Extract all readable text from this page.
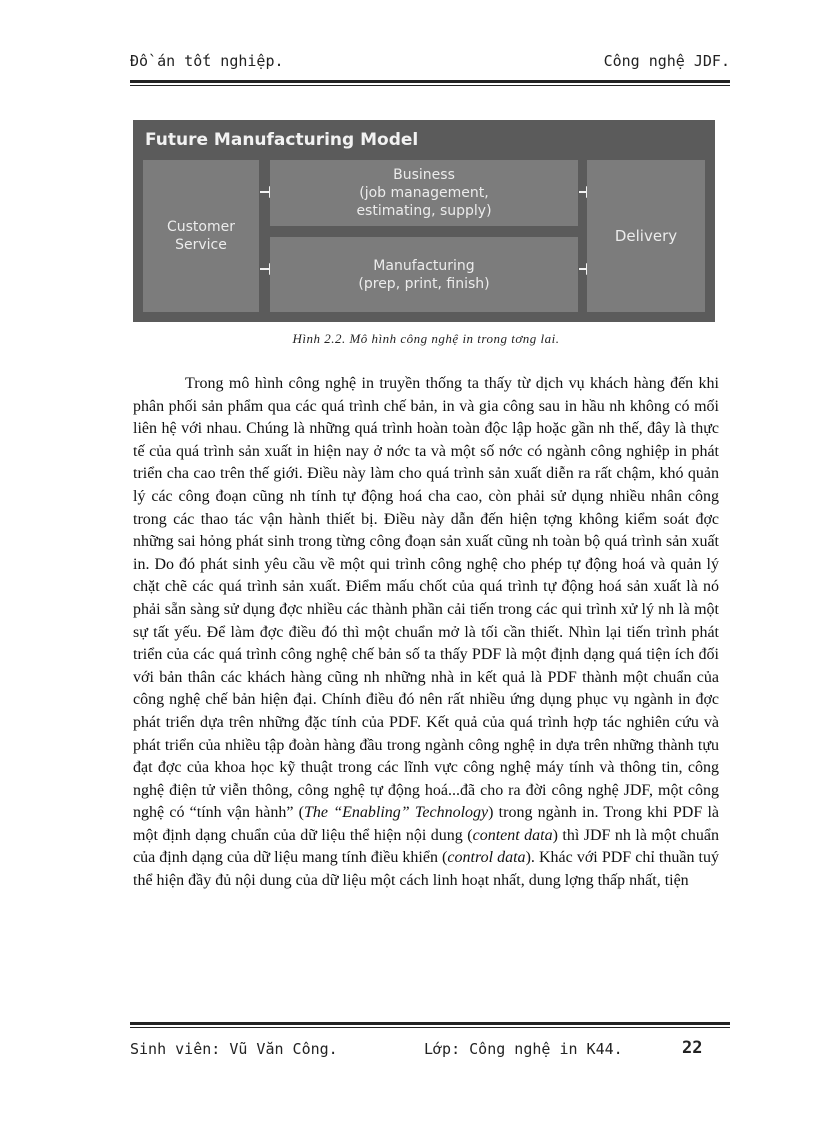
Đồ án tốt nghiệp.	Công nghệ JDF.
Future Manufacturing Model
Customer
Service
Business
(job management,
estimating, supply)
Manufacturing
(prep, print, finish)
Delivery
Hình 2.2. Mô hình công nghệ in trong tơng lai.

Trong mô hình công nghệ in truyền thống ta thấy từ dịch vụ khách hàng đến khi phân phối sản phẩm qua các quá trình chế bản, in và gia công sau in hầu nh không có mối liên hệ với nhau. Chúng là những quá trình hoàn toàn độc lập hoặc gần nh thế, đây là thực tế của quá trình sản xuất in hiện nay ở nớc ta và một số nớc có ngành công nghiệp in phát triển cha cao trên thế giới. Điều này làm cho quá trình sản xuất diễn ra rất chậm, khó quản lý các công đoạn cũng nh tính tự động hoá cha cao, còn phải sử dụng nhiều nhân công trong các thao tác vận hành thiết bị. Điều này dẫn đến hiện tợng không kiểm soát đợc những sai hỏng phát sinh trong từng công đoạn sản xuất cũng nh toàn bộ quá trình sản xuất in. Do đó phát sinh yêu cầu về một qui trình công nghệ cho phép tự động hoá và quản lý chặt chẽ các quá trình sản xuất. Điểm mấu chốt của quá trình tự động hoá sản xuất là nó phải sẵn sàng sử dụng đợc nhiều các thành phần cải tiến trong các qui trình xử lý nh là một sự tất yếu. Để làm đợc điều đó thì một chuẩn mở là tối cần thiết. Nhìn lại tiến trình phát triển của các quá trình công nghệ chế bản số ta thấy PDF là một định dạng quá tiện ích đối với bản thân các khách hàng cũng nh những nhà in kết quả là PDF thành một chuẩn của công nghệ chế bản hiện đại. Chính điều đó nên rất nhiều ứng dụng phục vụ ngành in đợc phát triển dựa trên những đặc tính của PDF. Kết quả của quá trình hợp tác nghiên cứu và phát triển của nhiều tập đoàn hàng đầu trong ngành công nghệ in dựa trên những thành tựu đạt đợc của khoa học kỹ thuật trong các lĩnh vực công nghệ máy tính và thông tin, công nghệ điện tử viễn thông, công nghệ tự động hoá...đã cho ra đời công nghệ JDF, một công nghệ có “tính vận hành” (The “Enabling” Technology) trong ngành in. Trong khi PDF là một định dạng chuẩn của dữ liệu thể hiện nội dung (content data) thì JDF nh là một chuẩn của định dạng của dữ liệu mang tính điều khiển (control data). Khác với PDF chỉ thuần tuý thể hiện đầy đủ nội dung của dữ liệu một cách linh hoạt nhất, dung lợng thấp nhất, tiện

Sinh viên: Vũ Văn Công.	Lớp: Công nghệ in K44.	22
